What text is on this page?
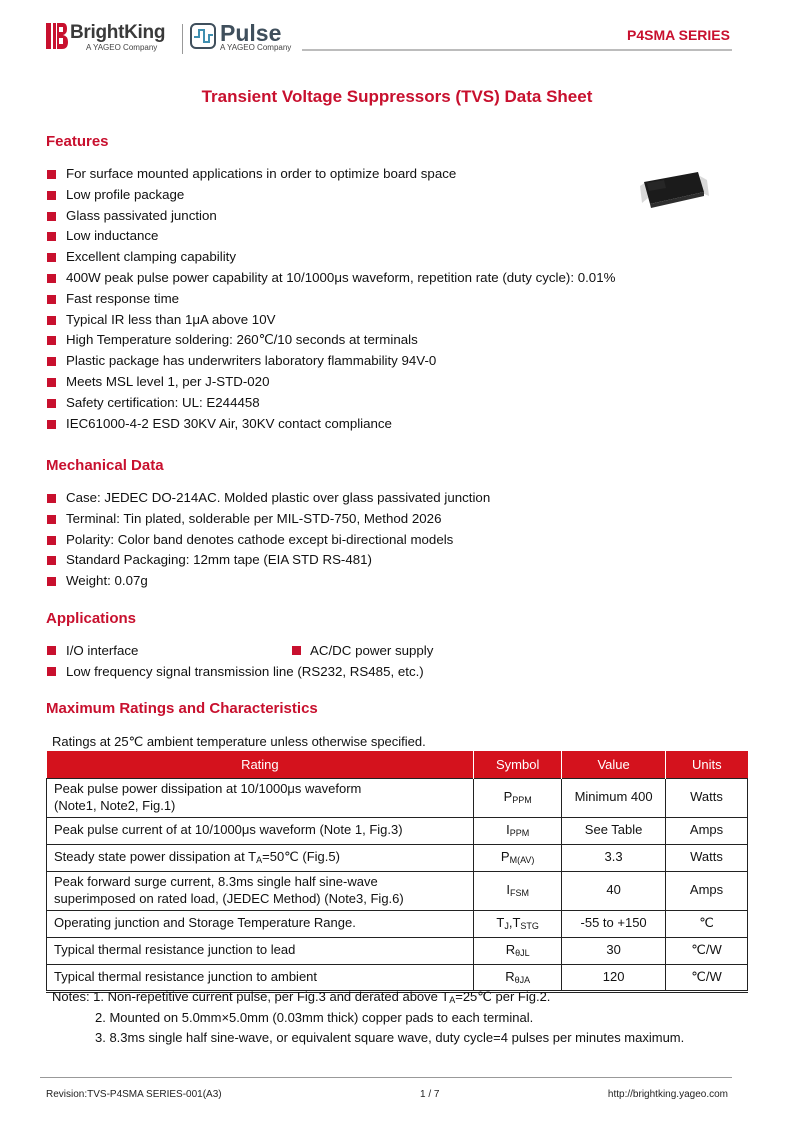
BrightKing
A YAGEO Company
Pulse
A YAGEO Company
P4SMA SERIES
Transient Voltage Suppressors (TVS) Data Sheet
Features
For surface mounted applications in order to optimize board space
Low profile package
Glass passivated junction
Low inductance
Excellent clamping capability
400W peak pulse power capability at 10/1000μs waveform, repetition rate (duty cycle): 0.01%
Fast response time
Typical IR less than 1μA above 10V
High Temperature soldering: 260℃/10 seconds at terminals
Plastic package has underwriters laboratory flammability 94V-0
Meets MSL level 1, per J-STD-020
Safety certification: UL: E244458
IEC61000-4-2 ESD 30KV Air, 30KV contact compliance
Mechanical Data
Case: JEDEC DO-214AC. Molded plastic over glass passivated junction
Terminal: Tin plated, solderable per MIL-STD-750, Method 2026
Polarity: Color band denotes cathode except bi-directional models
Standard Packaging: 12mm tape (EIA STD RS-481)
Weight: 0.07g
Applications
I/O interface	AC/DC power supply
Low frequency signal transmission line (RS232, RS485, etc.)
Maximum Ratings and Characteristics
Ratings at 25℃ ambient temperature unless otherwise specified.
Rating	Symbol	Value	Units
Peak pulse power dissipation at 10/1000μs waveform
(Note1, Note2, Fig.1)	$P_{PPM}$	Minimum 400	Watts
Peak pulse current of at 10/1000μs waveform (Note 1, Fig.3)	$I_{PPM}$	See Table	Amps
Steady state power dissipation at $T_A=50℃$ (Fig.5)	$P_{M(AV)}$	3.3	Watts
Peak forward surge current, 8.3ms single half sine-wave
superimposed on rated load, (JEDEC Method) (Note3, Fig.6)	$I_{FSM}$	40	Amps
Operating junction and Storage Temperature Range.	$T_J,T_{STG}$	-55 to +150	℃
Typical thermal resistance junction to lead	$R_{\theta JL}$	30	℃/W
Typical thermal resistance junction to ambient	$R_{\theta JA}$	120	℃/W
Notes: 1. Non-repetitive current pulse, per Fig.3 and derated above $T_A=25℃$ per Fig.2.
2. Mounted on 5.0mm×5.0mm (0.03mm thick) copper pads to each terminal.
3. 8.3ms single half sine-wave, or equivalent square wave, duty cycle=4 pulses per minutes maximum.
Revision:TVS-P4SMA SERIES-001(A3)	1 / 7	http://brightking.yageo.com
